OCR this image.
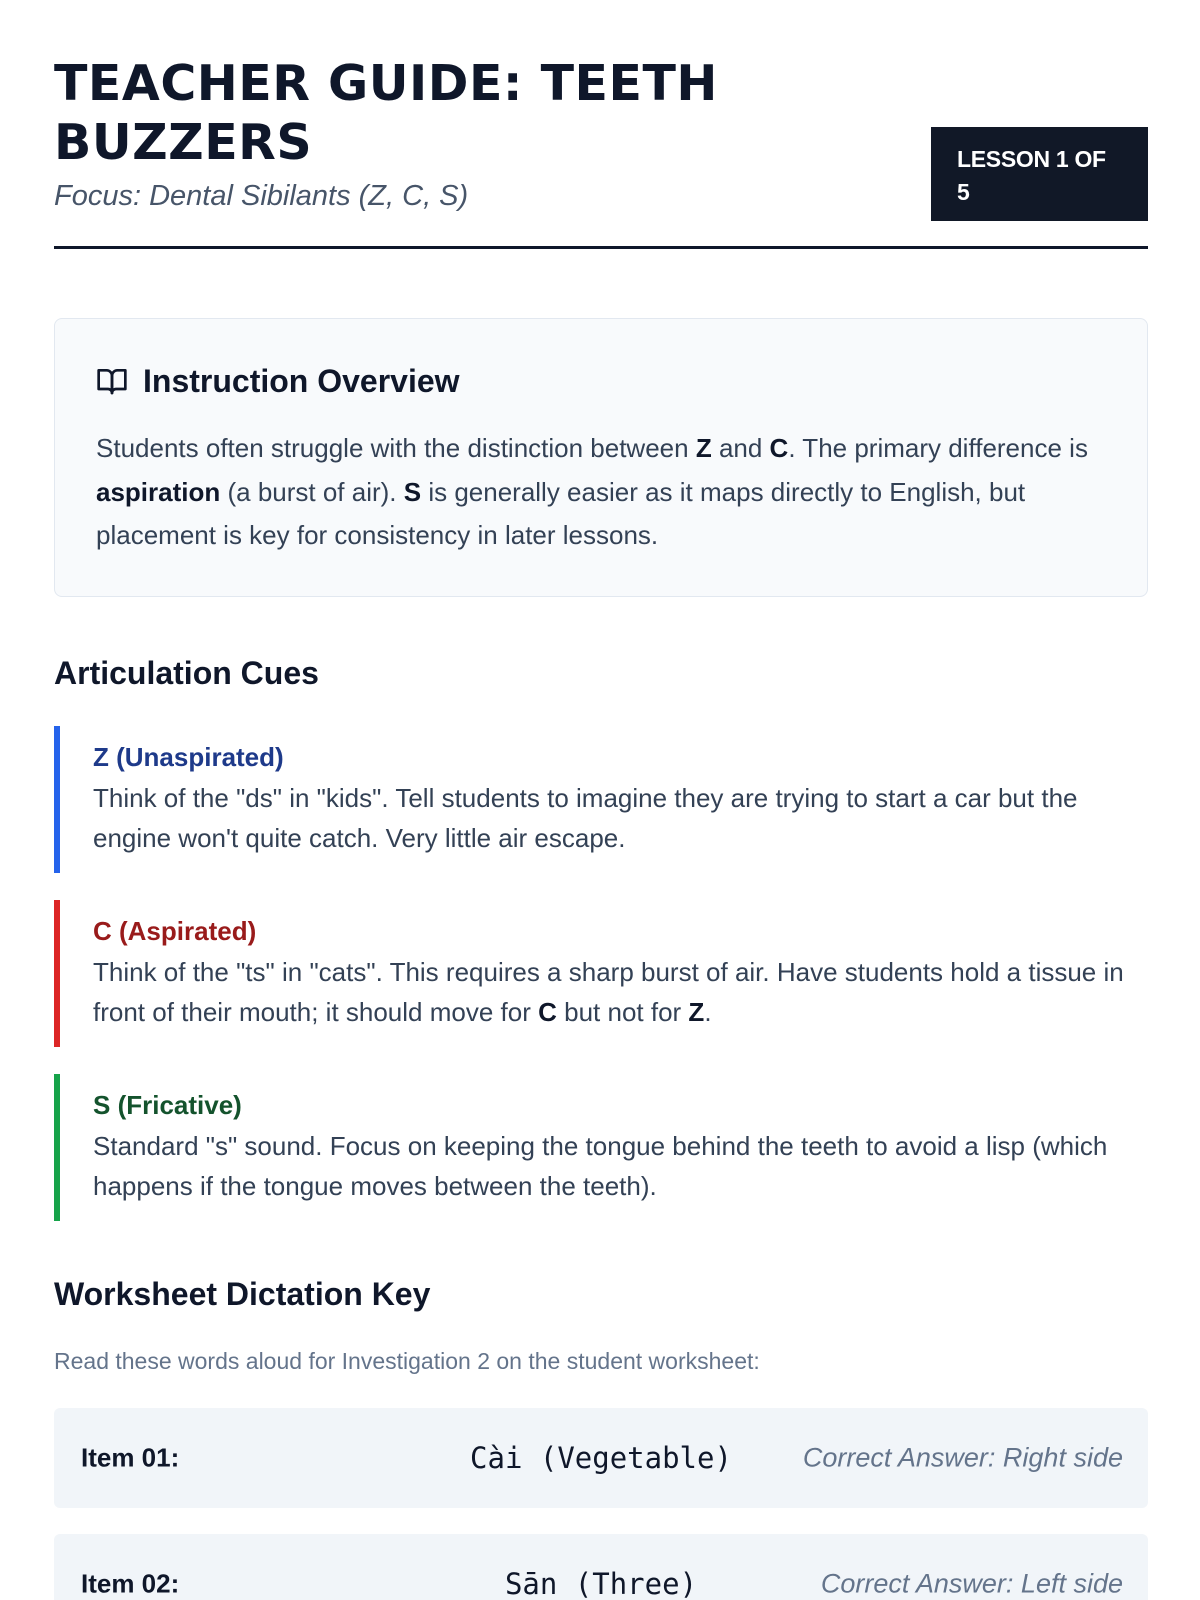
TEACHER GUIDE: TEETH BUZZERS
Focus: Dental Sibilants (Z, C, S)
LESSON 1 OF 5
Instruction Overview
Students often struggle with the distinction between Z and C. The primary difference is aspiration (a burst of air). S is generally easier as it maps directly to English, but placement is key for consistency in later lessons.
Articulation Cues
Z (Unaspirated)
Think of the "ds" in "kids". Tell students to imagine they are trying to start a car but the engine won't quite catch. Very little air escape.
C (Aspirated)
Think of the "ts" in "cats". This requires a sharp burst of air. Have students hold a tissue in front of their mouth; it should move for C but not for Z.
S (Fricative)
Standard "s" sound. Focus on keeping the tongue behind the teeth to avoid a lisp (which happens if the tongue moves between the teeth).
Worksheet Dictation Key
Read these words aloud for Investigation 2 on the student worksheet:
Item 01:	Cài (Vegetable)	Correct Answer: Right side
Item 02:	Sān (Three)	Correct Answer: Left side
